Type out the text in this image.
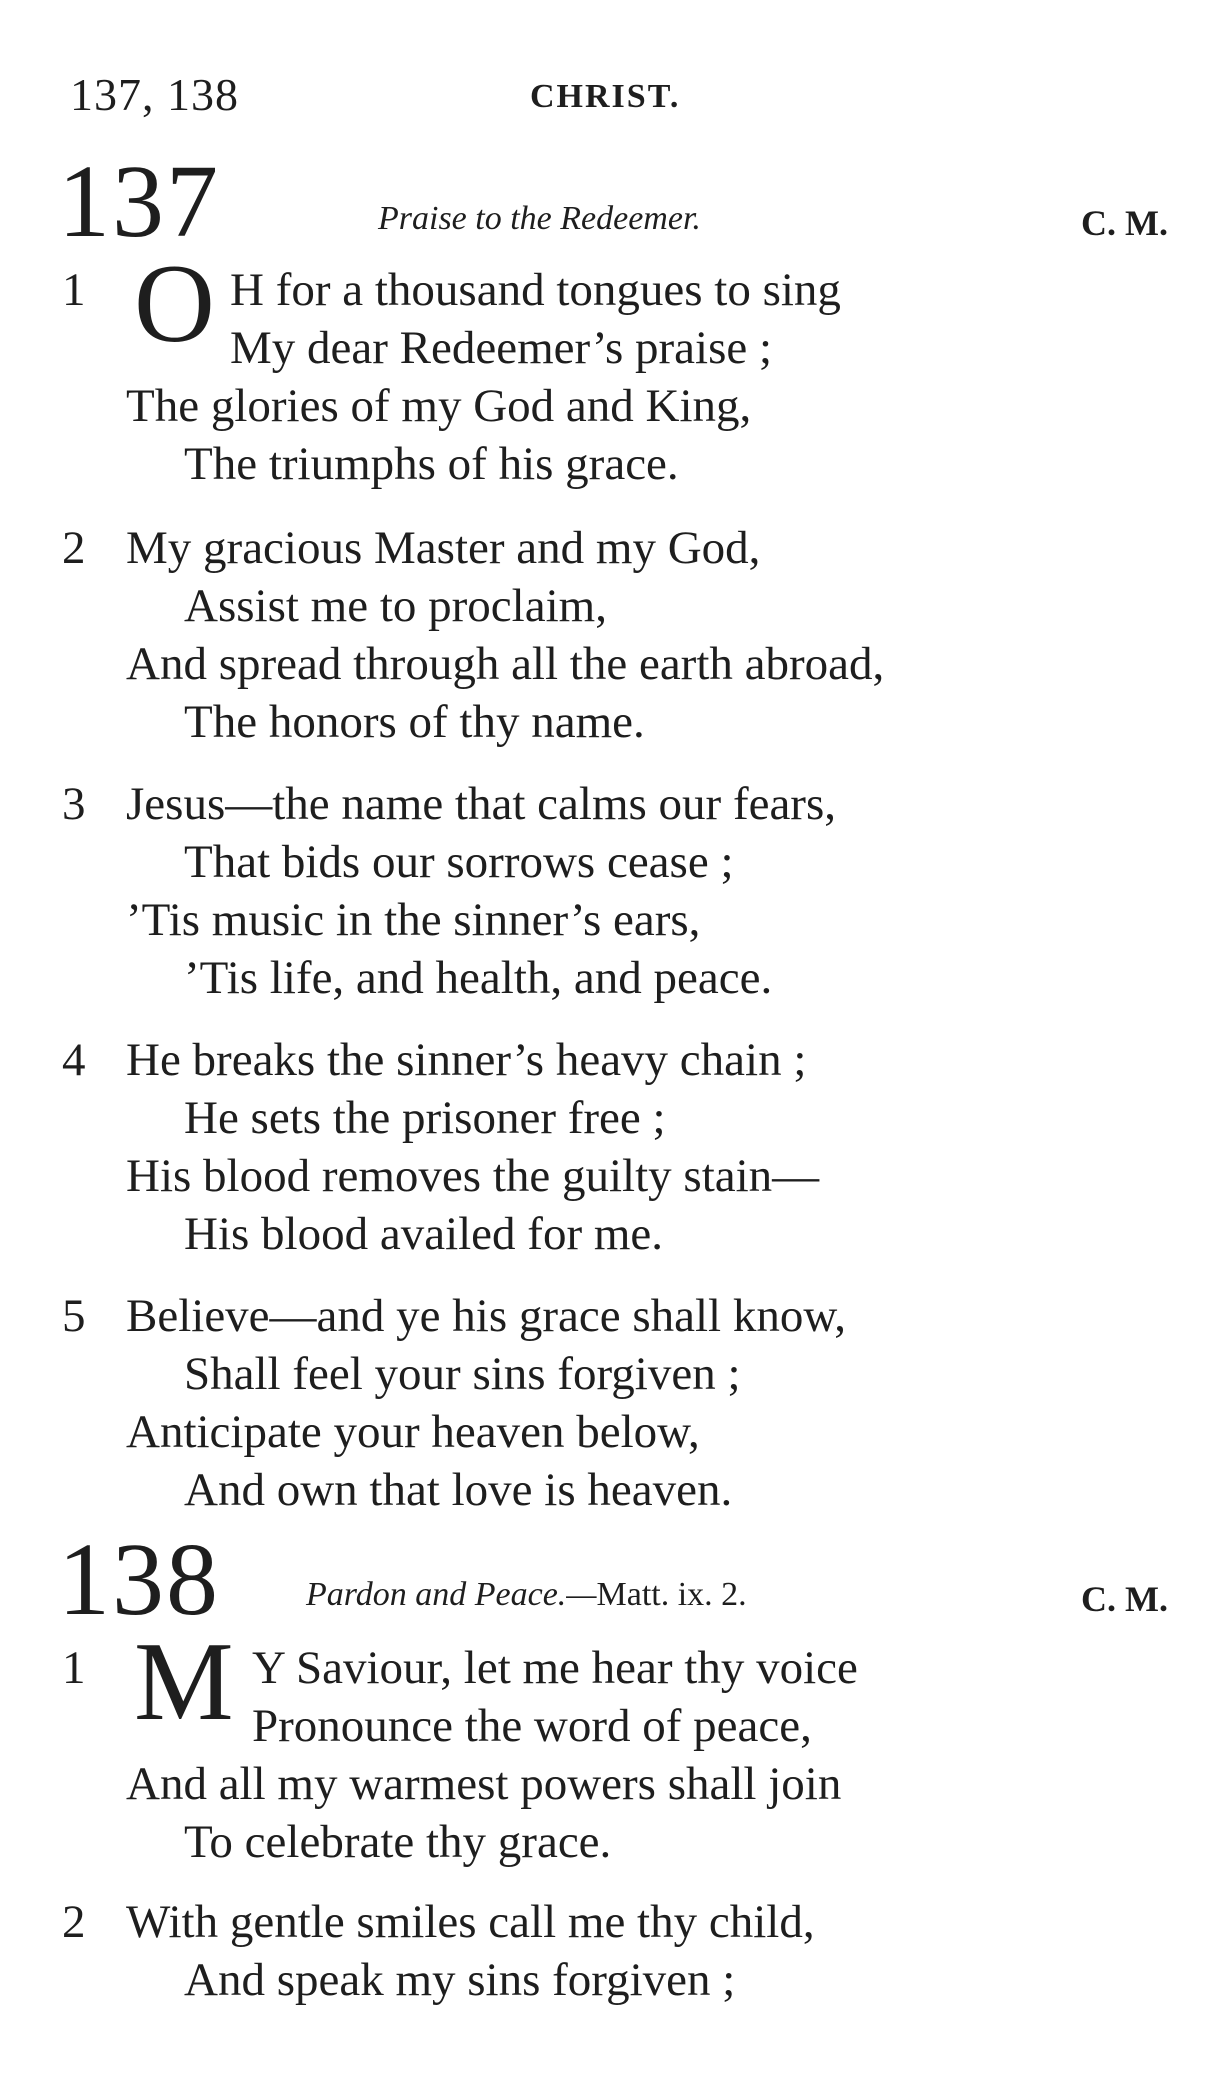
137, 138	CHRIST.
137	Praise to the Redeemer.	C. M.
1 O H for a thousand tongues to sing
My dear Redeemer’s praise ;
The glories of my God and King,
The triumphs of his grace.
2 My gracious Master and my God,
Assist me to proclaim,
And spread through all the earth abroad,
The honors of thy name.
3 Jesus—the name that calms our fears,
That bids our sorrows cease ;
’Tis music in the sinner’s ears,
’Tis life, and health, and peace.
4 He breaks the sinner’s heavy chain ;
He sets the prisoner free ;
His blood removes the guilty stain—
His blood availed for me.
5 Believe—and ye his grace shall know,
Shall feel your sins forgiven ;
Anticipate your heaven below,
And own that love is heaven.
138	Pardon and Peace.—Matt. ix. 2.	C. M.
1 M Y Saviour, let me hear thy voice
Pronounce the word of peace,
And all my warmest powers shall join
To celebrate thy grace.
2 With gentle smiles call me thy child,
And speak my sins forgiven ;
